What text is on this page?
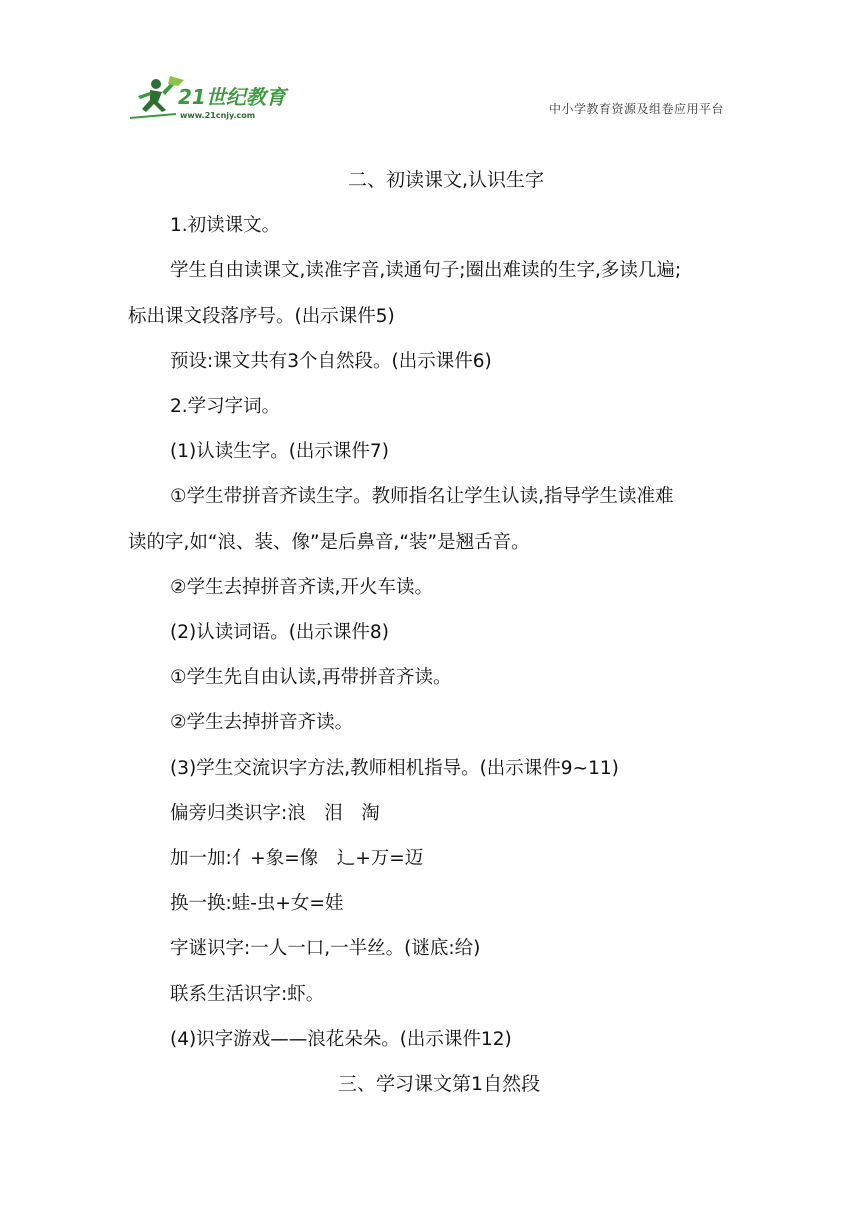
21世纪教育
www.21cnjy.com	中小学教育资源及组卷应用平台

二、初读课文,认识生字

1.初读课文。

学生自由读课文,读准字音,读通句子;圈出难读的生字,多读几遍;

标出课文段落序号。(出示课件5)

预设:课文共有3个自然段。(出示课件6)

2.学习字词。

(1)认读生字。(出示课件7)

①学生带拼音齐读生字。教师指名让学生认读,指导学生读准难

读的字,如“浪、装、像”是后鼻音,“装”是翘舌音。

②学生去掉拼音齐读,开火车读。

(2)认读词语。(出示课件8)

①学生先自由认读,再带拼音齐读。

②学生去掉拼音齐读。

(3)学生交流识字方法,教师相机指导。(出示课件9~11)

偏旁归类识字:浪　泪　淘

加一加:亻+象=像　辶+万=迈

换一换:蛙-虫+女=娃

字谜识字:一人一口,一半丝。(谜底:给)

联系生活识字:虾。

(4)识字游戏——浪花朵朵。(出示课件12)

三、学习课文第1自然段
